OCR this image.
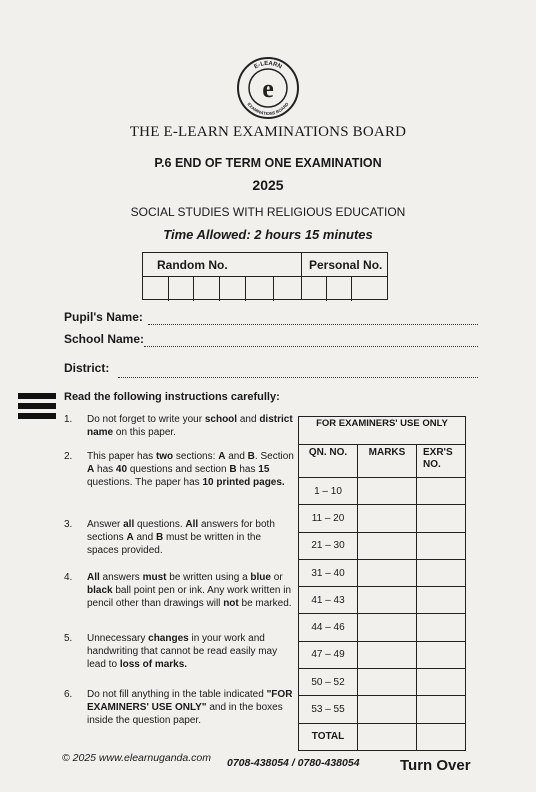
E-LEARN
EXAMINATIONS BOARD
e
THE E-LEARN EXAMINATIONS BOARD
P.6 END OF TERM ONE EXAMINATION
2025
SOCIAL STUDIES WITH RELIGIOUS EDUCATION
Time Allowed: 2 hours 15 minutes
Random No.	Personal No.
Pupil's Name:
School Name:
District:
Read the following instructions carefully:
1. Do not forget to write your school and district name on this paper.
2. This paper has two sections: A and B. Section A has 40 questions and section B has 15 questions. The paper has 10 printed pages.
3. Answer all questions. All answers for both sections A and B must be written in the spaces provided.
4. All answers must be written using a blue or black ball point pen or ink. Any work written in pencil other than drawings will not be marked.
5. Unnecessary changes in your work and handwriting that cannot be read easily may lead to loss of marks.
6. Do not fill anything in the table indicated "FOR EXAMINERS' USE ONLY" and in the boxes inside the question paper.
FOR EXAMINERS' USE ONLY		
QN. NO.	MARKS	EXR'S NO.
1 – 10		
11 – 20		
21 – 30		
31 – 40		
41 – 43		
44 – 46		
47 – 49		
50 – 52		
53 – 55		
TOTAL		
© 2025 www.elearnuganda.com 0708-438054 / 0780-438054	Turn Over
